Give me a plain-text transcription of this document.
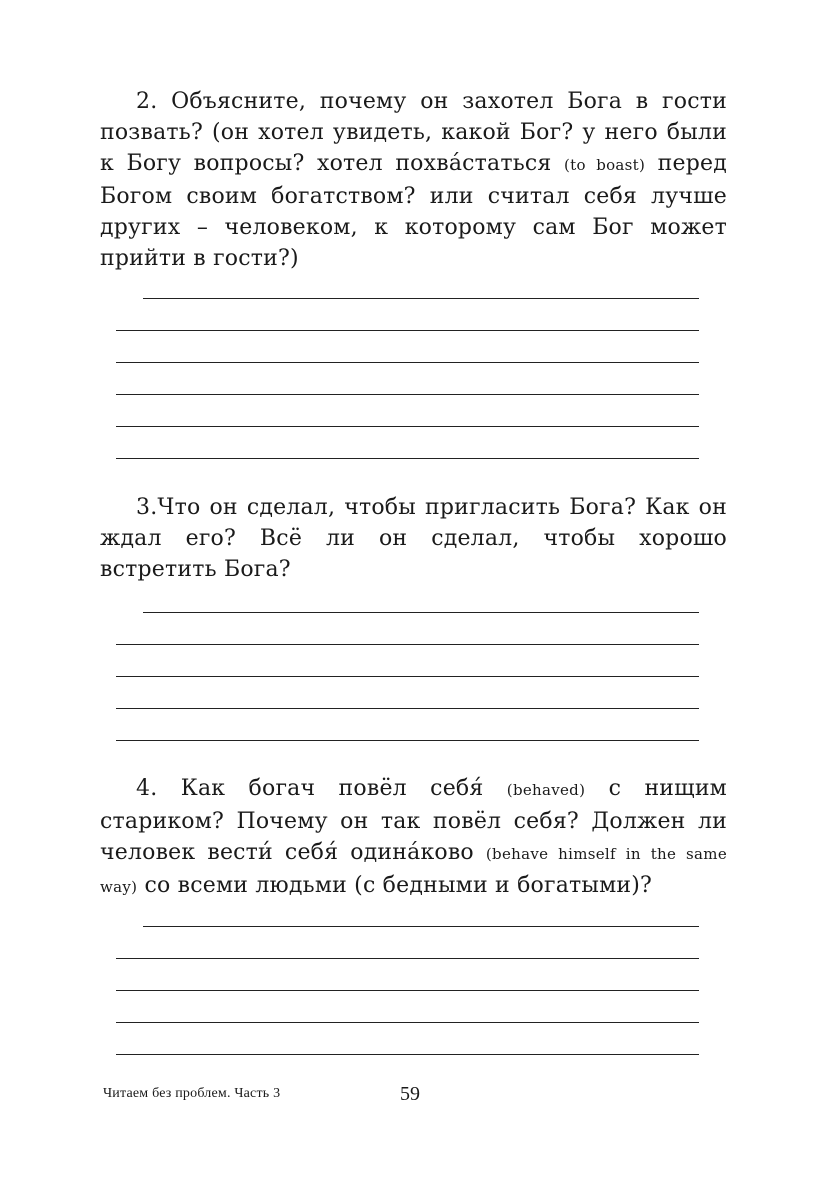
2. Объясните, почему он захотел Бога в гости позвать? (он хотел увидеть, какой Бог? у него были к Богу вопросы? хотел похвáстаться (to boast) перед Богом своим богатством? или считал себя лучше других – человеком, к которому сам Бог может прийти в гости?)

3.Что он сделал, чтобы пригласить Бога? Как он ждал его? Всё ли он сделал, чтобы хорошо встретить Бога?

4. Как богач повёл себя́ (behaved) с нищим стариком? Почему он так повёл себя? Должен ли человек вести́ себя́ одинáково (behave himself in the same way) со всеми людьми (с бедными и богатыми)?

Читаем без проблем. Часть 3	59
